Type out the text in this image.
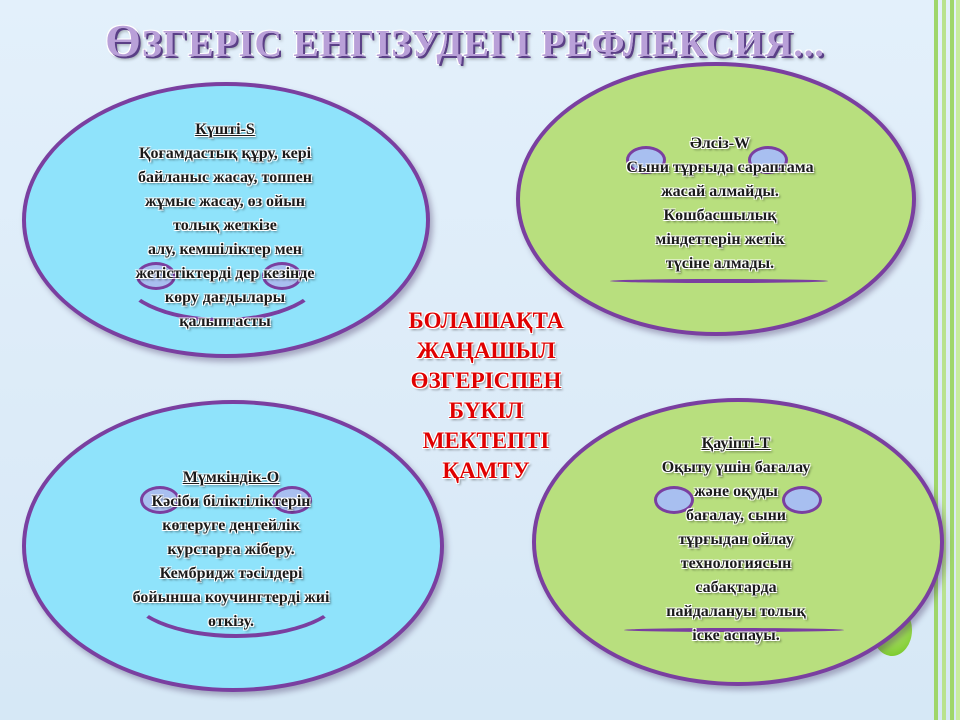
ӨЗГЕРІС ЕНГІЗУДЕГІ РЕФЛЕКСИЯ...
Күшті-S
Қоғамдастық құру, кері
байланыс жасау, топпен
жұмыс жасау, өз ойын
толық жеткізе
алу, кемшіліктер мен
жетістіктерді дер кезінде
көру дағдылары
қалыптасты
Әлсіз-W
Сыни тұрғыда сараптама
жасай алмайды.
Көшбасшылық
міндеттерін жетік
түсіне алмады.
Мүмкіндік-О
Кәсіби біліктіліктерін
көтеруге деңгейлік
курстарға жіберу.
Кембридж тәсілдері
бойынша коучингтерді жиі
өткізу.
Қауіпті-Т
Оқыту үшін бағалау
және оқуды
бағалау, сыни
тұрғыдан ойлау
технологиясын
сабақтарда
пайдалануы толық
іске аспауы.
БОЛАШАҚТА
ЖАҢАШЫЛ
ӨЗГЕРІСПЕН
БҮКІЛ
МЕКТЕПТІ
ҚАМТУ
